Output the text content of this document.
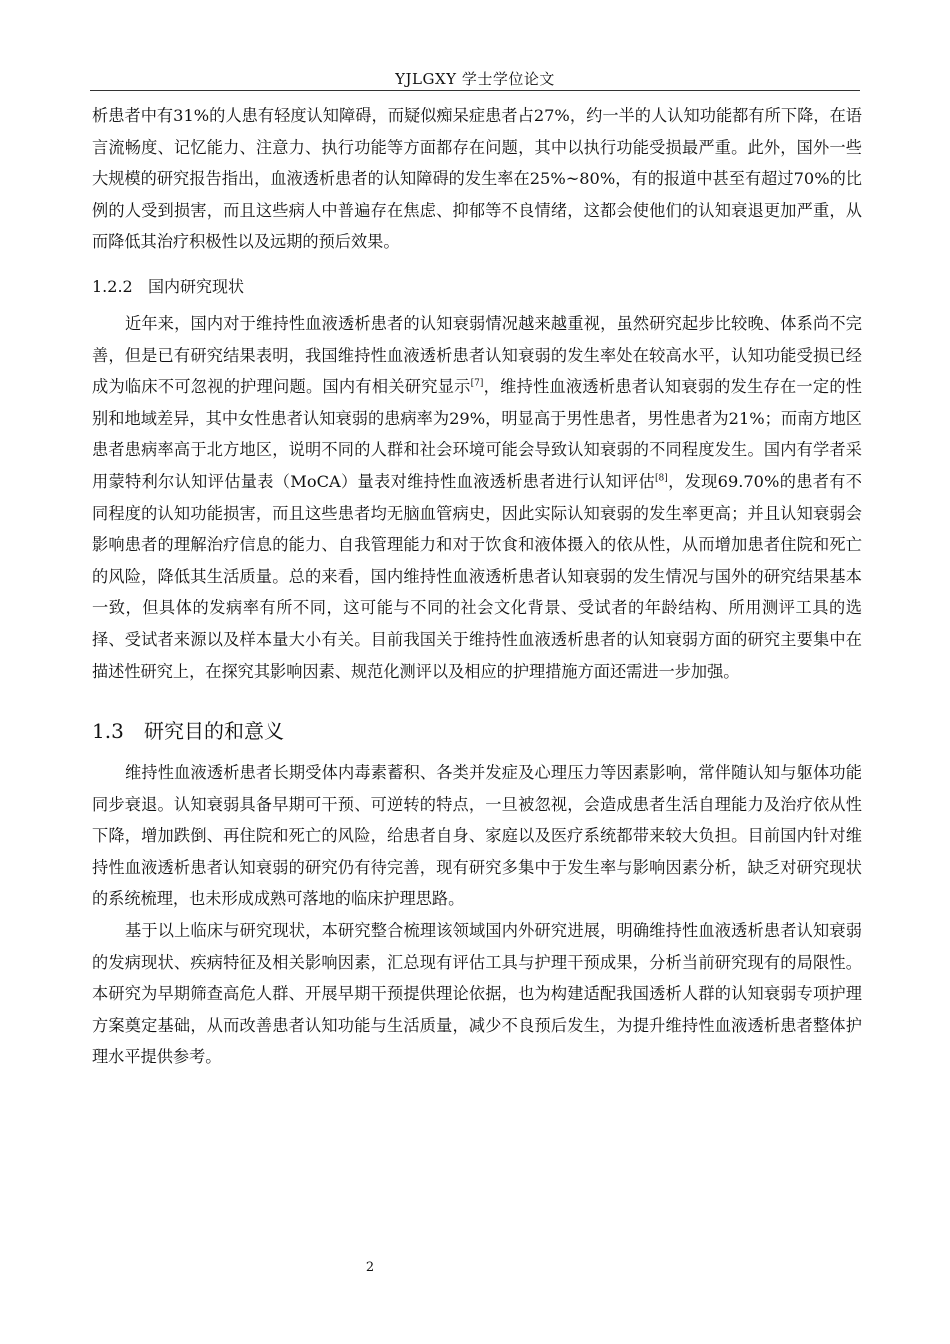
YJLGXY 学士学位论文

析患者中有31%的人患有轻度认知障碍，而疑似痴呆症患者占27%，约一半的人认知功能都有所下降，在语言流畅度、记忆能力、注意力、执行功能等方面都存在问题，其中以执行功能受损最严重。此外，国外一些大规模的研究报告指出，血液透析患者的认知障碍的发生率在25%~80%，有的报道中甚至有超过70%的比例的人受到损害，而且这些病人中普遍存在焦虑、抑郁等不良情绪，这都会使他们的认知衰退更加严重，从而降低其治疗积极性以及远期的预后效果。

1.2.2 国内研究现状

近年来，国内对于维持性血液透析患者的认知衰弱情况越来越重视，虽然研究起步比较晚、体系尚不完善，但是已有研究结果表明，我国维持性血液透析患者认知衰弱的发生率处在较高水平，认知功能受损已经成为临床不可忽视的护理问题。国内有相关研究显示[7]，维持性血液透析患者认知衰弱的发生存在一定的性别和地域差异，其中女性患者认知衰弱的患病率为29%，明显高于男性患者，男性患者为21%；而南方地区患者患病率高于北方地区，说明不同的人群和社会环境可能会导致认知衰弱的不同程度发生。国内有学者采用蒙特利尔认知评估量表（MoCA）量表对维持性血液透析患者进行认知评估[8]，发现69.70%的患者有不同程度的认知功能损害，而且这些患者均无脑血管病史，因此实际认知衰弱的发生率更高；并且认知衰弱会影响患者的理解治疗信息的能力、自我管理能力和对于饮食和液体摄入的依从性，从而增加患者住院和死亡的风险，降低其生活质量。总的来看，国内维持性血液透析患者认知衰弱的发生情况与国外的研究结果基本一致，但具体的发病率有所不同，这可能与不同的社会文化背景、受试者的年龄结构、所用测评工具的选择、受试者来源以及样本量大小有关。目前我国关于维持性血液透析患者的认知衰弱方面的研究主要集中在描述性研究上，在探究其影响因素、规范化测评以及相应的护理措施方面还需进一步加强。

1.3 研究目的和意义

维持性血液透析患者长期受体内毒素蓄积、各类并发症及心理压力等因素影响，常伴随认知与躯体功能同步衰退。认知衰弱具备早期可干预、可逆转的特点，一旦被忽视，会造成患者生活自理能力及治疗依从性下降，增加跌倒、再住院和死亡的风险，给患者自身、家庭以及医疗系统都带来较大负担。目前国内针对维持性血液透析患者认知衰弱的研究仍有待完善，现有研究多集中于发生率与影响因素分析，缺乏对研究现状的系统梳理，也未形成成熟可落地的临床护理思路。

基于以上临床与研究现状，本研究整合梳理该领域国内外研究进展，明确维持性血液透析患者认知衰弱的发病现状、疾病特征及相关影响因素，汇总现有评估工具与护理干预成果，分析当前研究现有的局限性。本研究为早期筛查高危人群、开展早期干预提供理论依据，也为构建适配我国透析人群的认知衰弱专项护理方案奠定基础，从而改善患者认知功能与生活质量，减少不良预后发生，为提升维持性血液透析患者整体护理水平提供参考。

2
